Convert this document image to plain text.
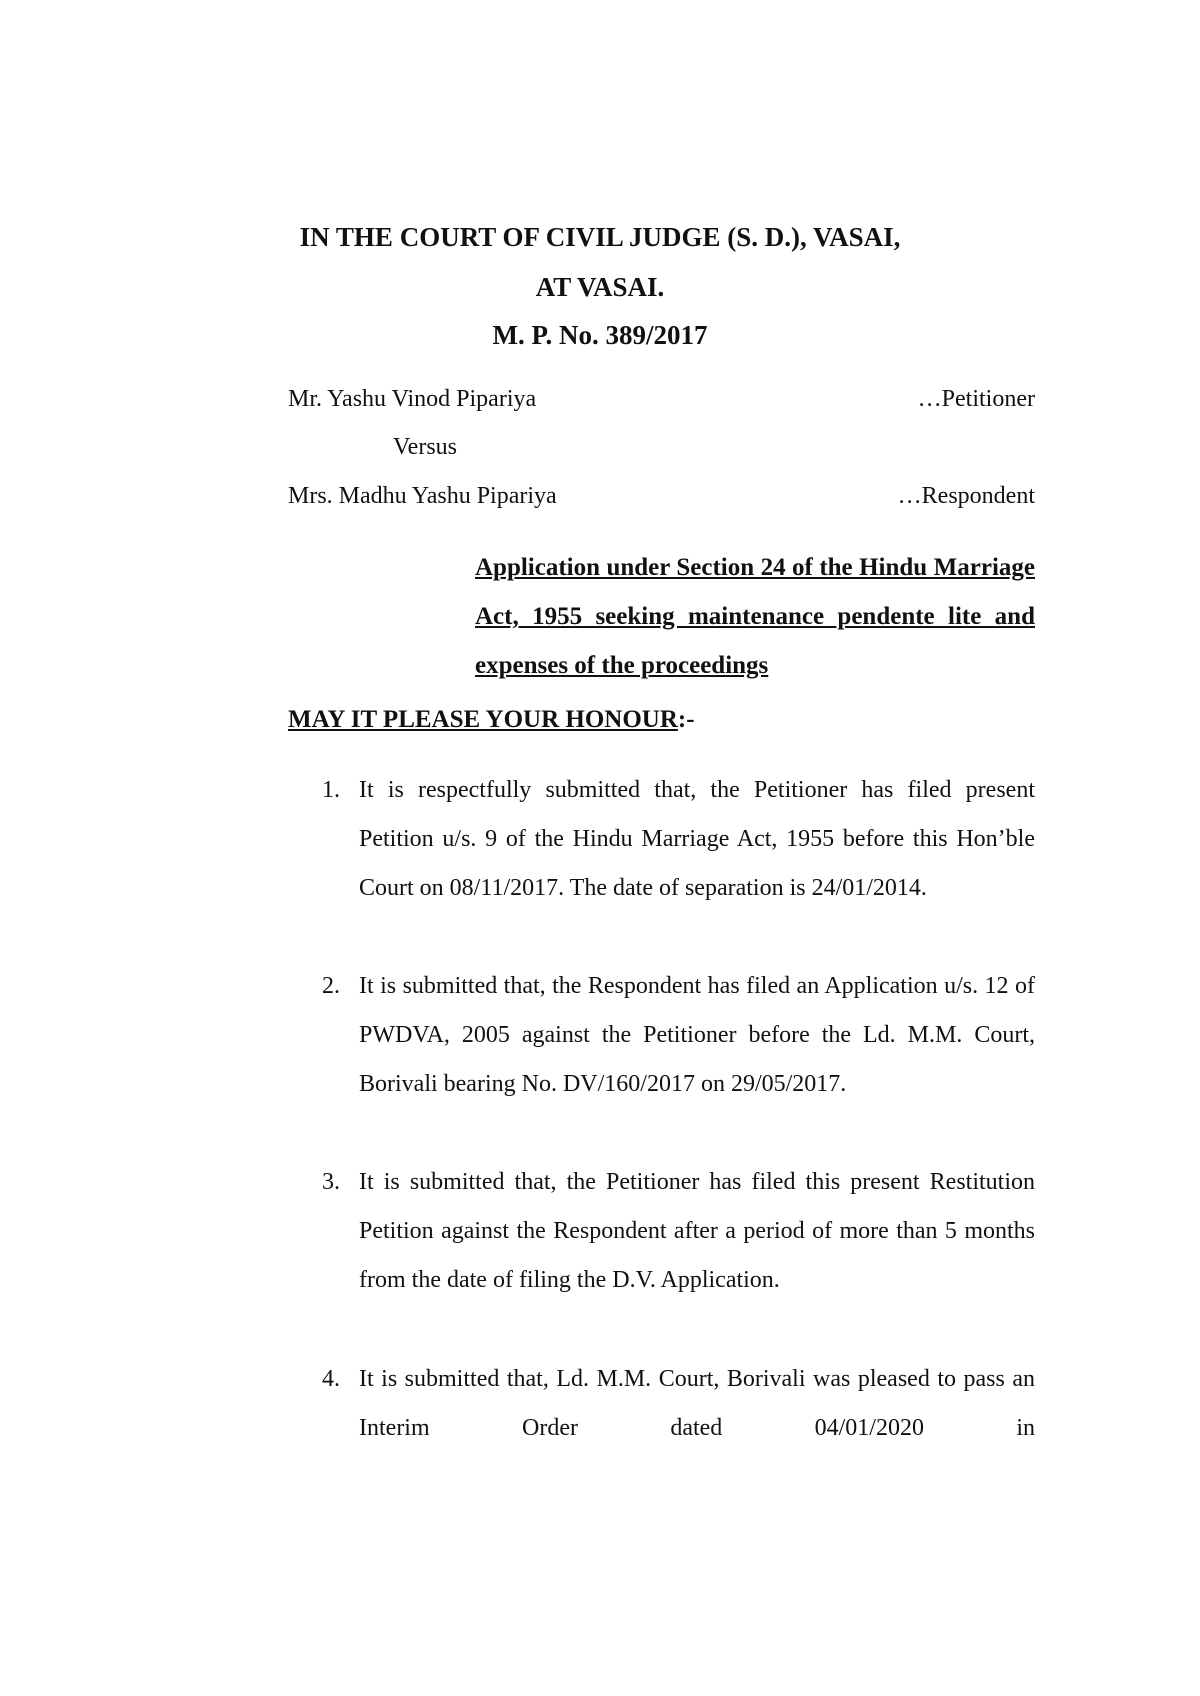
IN THE COURT OF CIVIL JUDGE (S. D.), VASAI,
AT VASAI.
M. P. No. 389/2017
Mr. Yashu Vinod Pipariya	…Petitioner
Versus
Mrs. Madhu Yashu Pipariya	…Respondent
Application under Section 24 of the Hindu Marriage Act, 1955 seeking maintenance pendente lite and expenses of the proceedings
MAY IT PLEASE YOUR HONOUR:-
1. It is respectfully submitted that, the Petitioner has filed present Petition u/s. 9 of the Hindu Marriage Act, 1955 before this Hon’ble Court on 08/11/2017. The date of separation is 24/01/2014.
2. It is submitted that, the Respondent has filed an Application u/s. 12 of PWDVA, 2005 against the Petitioner before the Ld. M.M. Court, Borivali bearing No. DV/160/2017 on 29/05/2017.
3. It is submitted that, the Petitioner has filed this present Restitution Petition against the Respondent after a period of more than 5 months from the date of filing the D.V. Application.
4. It is submitted that, Ld. M.M. Court, Borivali was pleased to pass an Interim Order dated 04/01/2020 in
